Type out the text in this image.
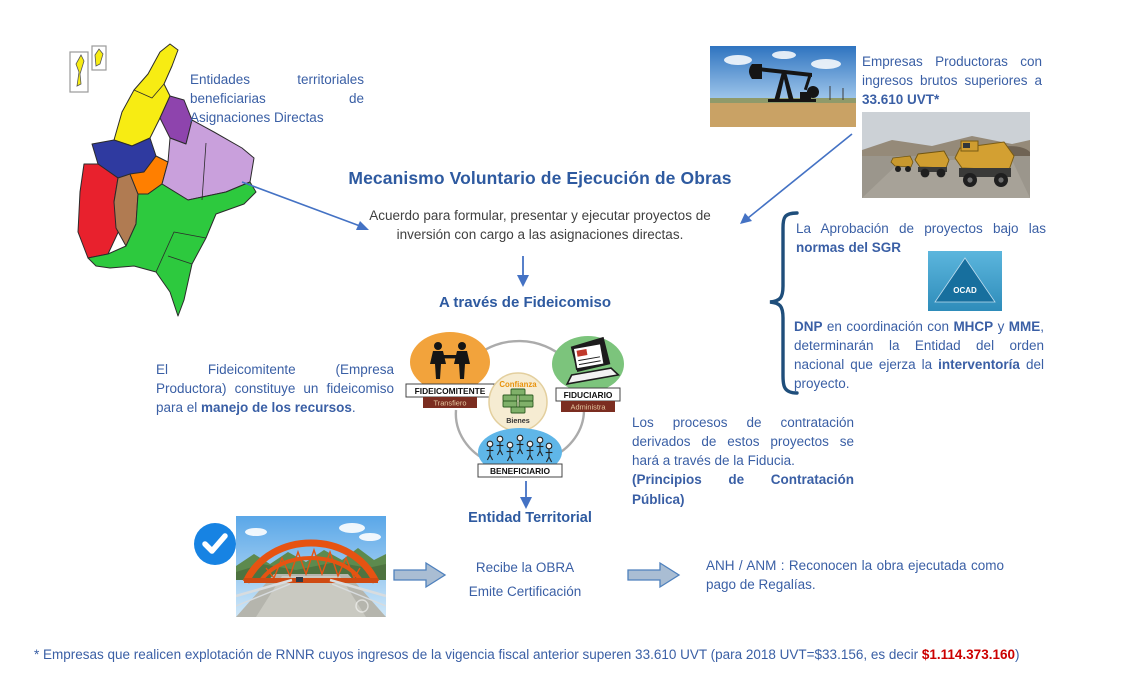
Entidades territoriales beneficiarias de Asignaciones Directas
Empresas Productoras con ingresos brutos superiores a 33.610 UVT*
Mecanismo Voluntario de Ejecución de Obras
Acuerdo para formular, presentar y ejecutar proyectos de inversión con cargo a las asignaciones directas.
A través de Fideicomiso
FIDEICOMITENTE
Transfiero
FIDUCIARIO
Administra
Confianza
Bienes
BENEFICIARIO
El Fideicomitente (Empresa Productora) constituye un fideicomiso para el manejo de los recursos.
La Aprobación de proyectos bajo las normas del SGR
OCAD
DNP en coordinación con MHCP y MME, determinarán la Entidad del orden nacional que ejerza la interventoría del proyecto.
Los procesos de contratación derivados de estos proyectos se hará a través de la Fiducia.
(Principios de Contratación Pública)
Entidad Territorial
Recibe la OBRA
Emite Certificación
ANH / ANM : Reconocen la obra ejecutada como pago de Regalías.
* Empresas que realicen explotación de RNNR cuyos ingresos de la vigencia fiscal anterior superen 33.610 UVT (para 2018 UVT=$33.156, es decir $1.114.373.160)
